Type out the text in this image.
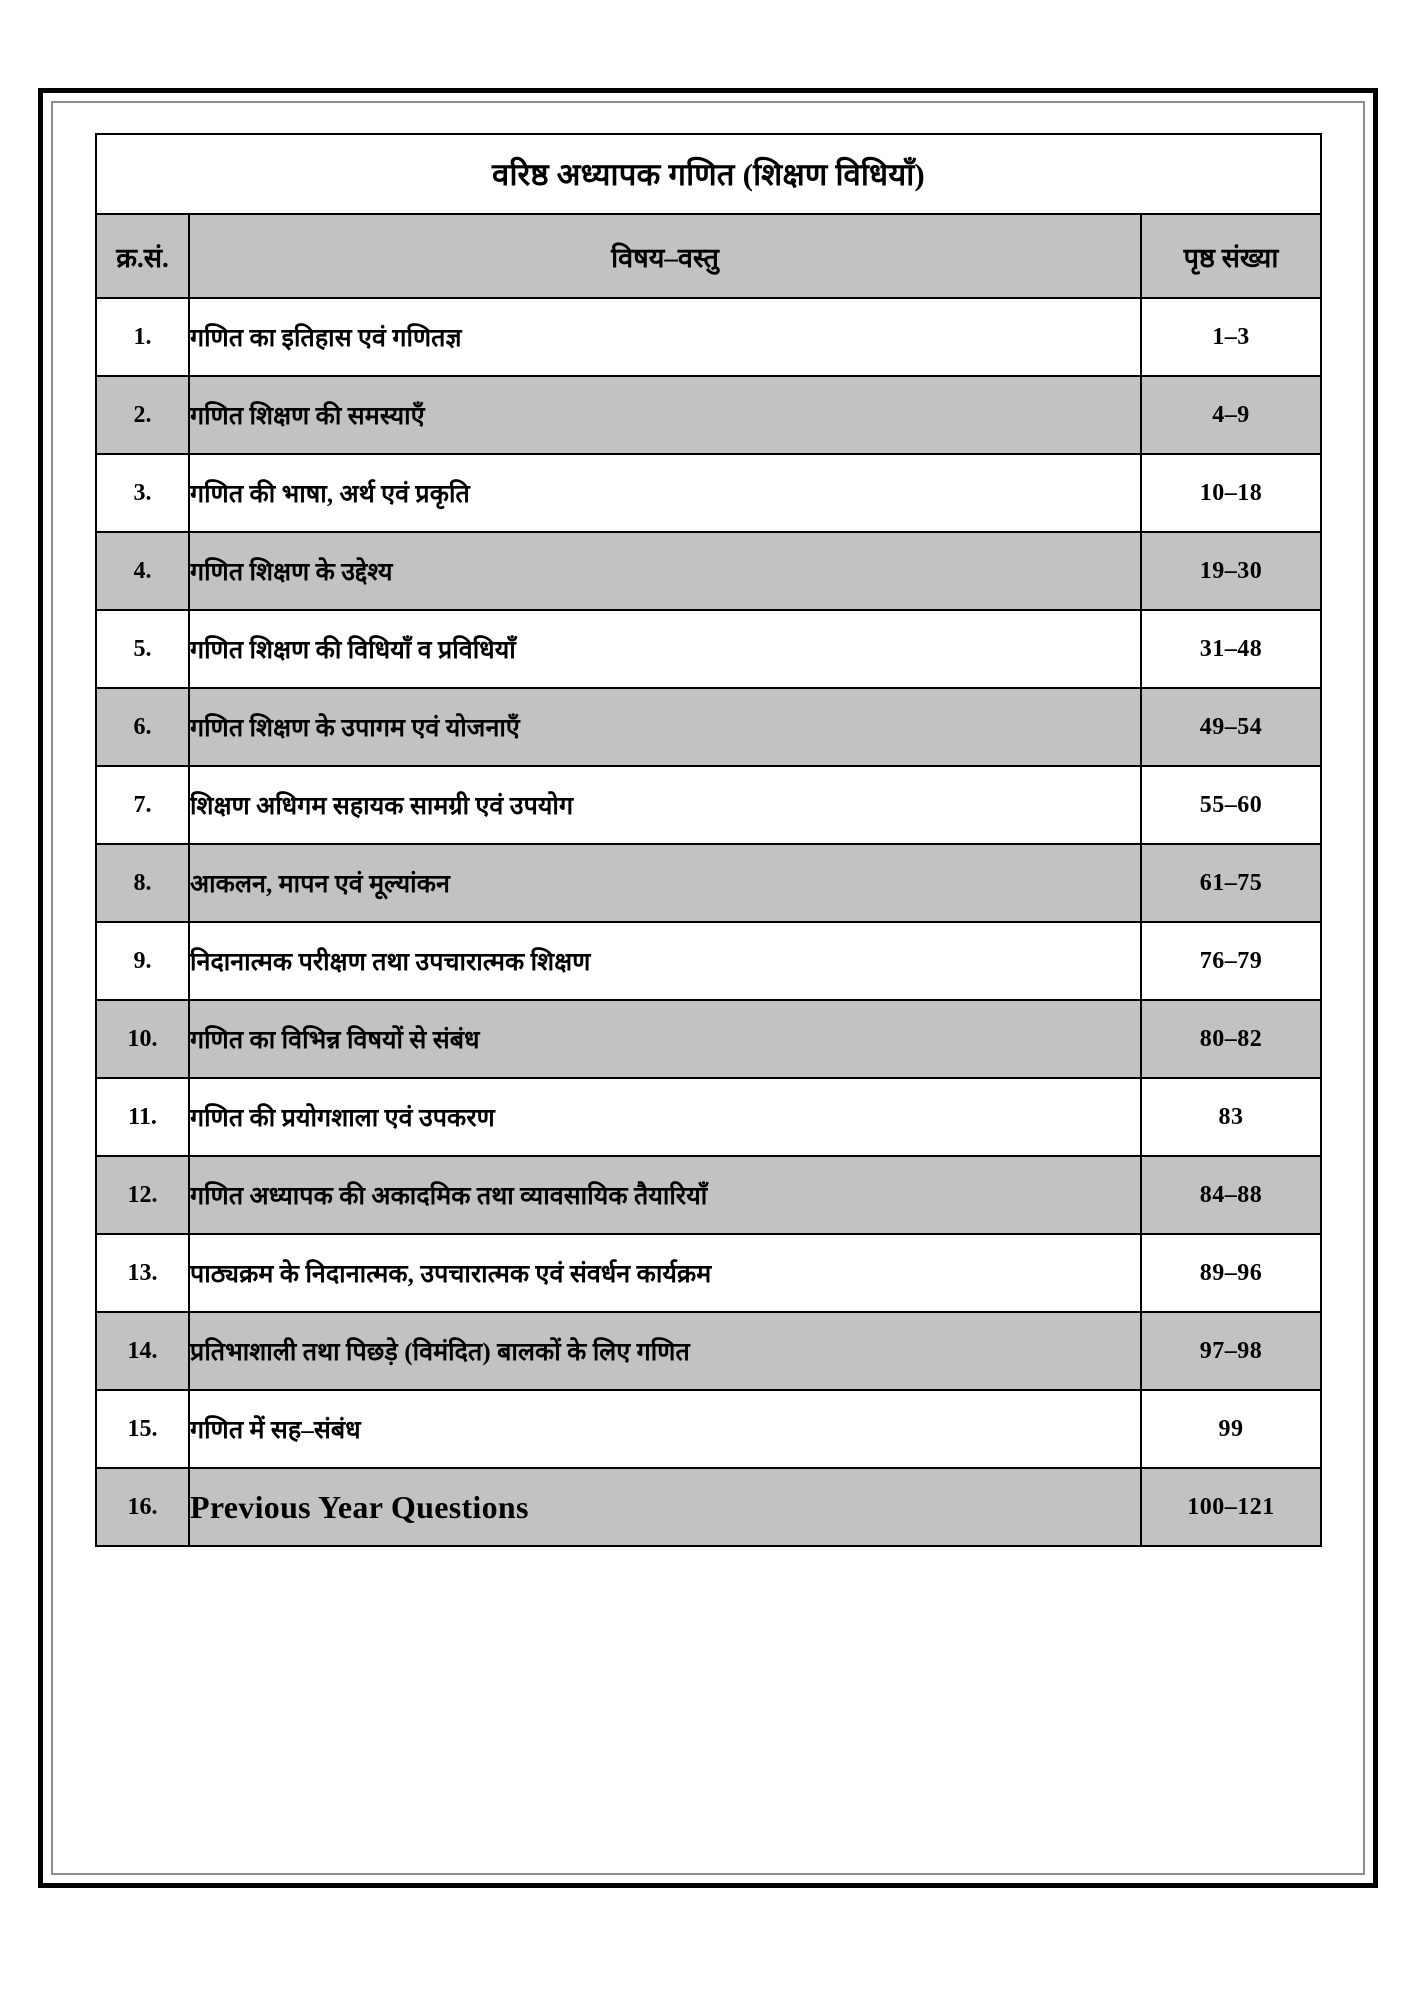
वरिष्ठ अध्यापक गणित (शिक्षण विधियाँ)		
क्र.सं.	विषय–वस्तु	पृष्ठ संख्या
1.	गणित का इतिहास एवं गणितज्ञ	1–3
2.	गणित शिक्षण की समस्याएँ	4–9
3.	गणित की भाषा, अर्थ एवं प्रकृति	10–18
4.	गणित शिक्षण के उद्देश्य	19–30
5.	गणित शिक्षण की विधियाँ व प्रविधियाँ	31–48
6.	गणित शिक्षण के उपागम एवं योजनाएँ	49–54
7.	शिक्षण अधिगम सहायक सामग्री एवं उपयोग	55–60
8.	आकलन, मापन एवं मूल्यांकन	61–75
9.	निदानात्मक परीक्षण तथा उपचारात्मक शिक्षण	76–79
10.	गणित का विभिन्न विषयों से संबंध	80–82
11.	गणित की प्रयोगशाला एवं उपकरण	83
12.	गणित अध्यापक की अकादमिक तथा व्यावसायिक तैयारियाँ	84–88
13.	पाठ्यक्रम के निदानात्मक, उपचारात्मक एवं संवर्धन कार्यक्रम	89–96
14.	प्रतिभाशाली तथा पिछड़े (विमंदित) बालकों के लिए गणित	97–98
15.	गणित में सह–संबंध	99
16.	Previous Year Questions	100–121
